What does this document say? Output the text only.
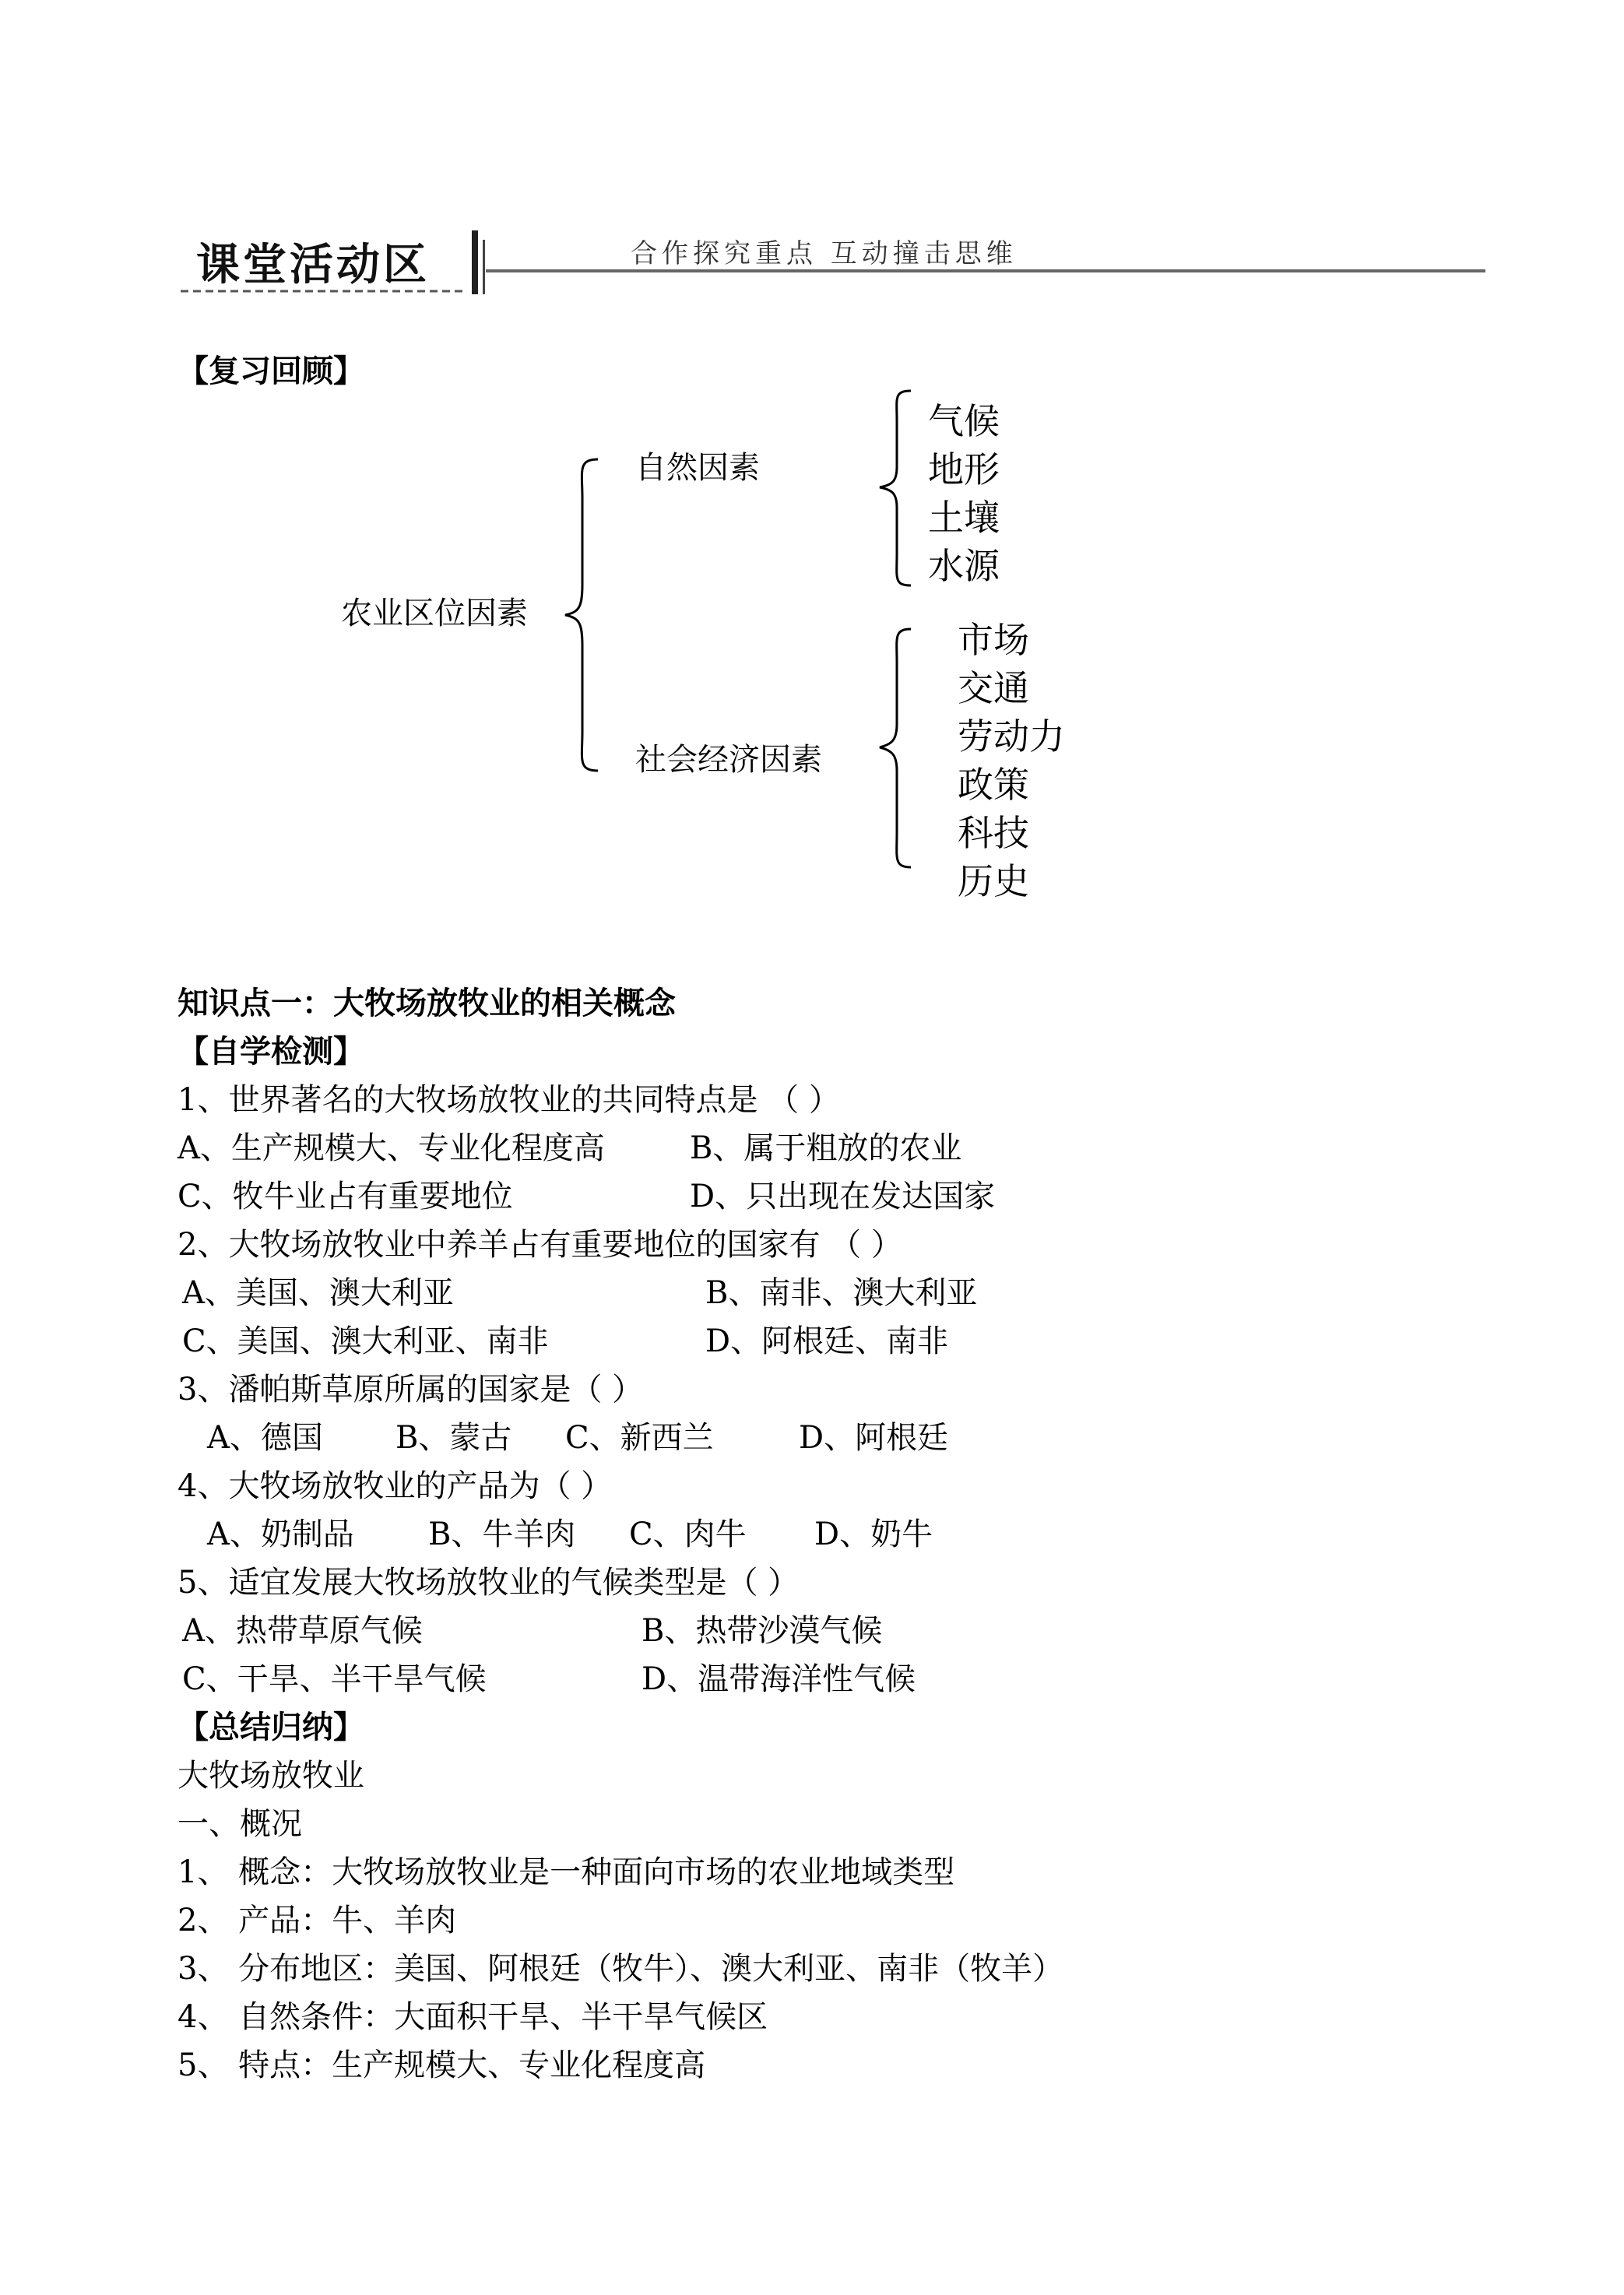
课堂活动区	合作探究重点 互动撞击思维
【复习回顾】
农业区位因素
自然因素
社会经济因素
气候
地形
土壤
水源
市场
交通
劳动力
政策
科技
历史
知识点一：大牧场放牧业的相关概念
【自学检测】
1、世界著名的大牧场放牧业的共同特点是 （ ）
A、生产规模大、专业化程度高	B、属于粗放的农业
C、牧牛业占有重要地位	D、只出现在发达国家
2、大牧场放牧业中养羊占有重要地位的国家有 （ ）
A、美国、澳大利亚	B、南非、澳大利亚
C、美国、澳大利亚、南非	D、阿根廷、南非
3、潘帕斯草原所属的国家是（ ）
A、德国 B、蒙古 C、新西兰	D、阿根廷
4、大牧场放牧业的产品为（ ）
A、奶制品 B、牛羊肉 C、肉牛 D、奶牛
5、适宜发展大牧场放牧业的气候类型是（ ）
A、热带草原气候	B、热带沙漠气候
C、干旱、半干旱气候	D、温带海洋性气候
【总结归纳】
大牧场放牧业
一、概况
1、 概念：大牧场放牧业是一种面向市场的农业地域类型
2、 产品：牛、羊肉
3、 分布地区：美国、阿根廷（牧牛）、澳大利亚、南非（牧羊）
4、 自然条件：大面积干旱、半干旱气候区
5、 特点：生产规模大、专业化程度高
